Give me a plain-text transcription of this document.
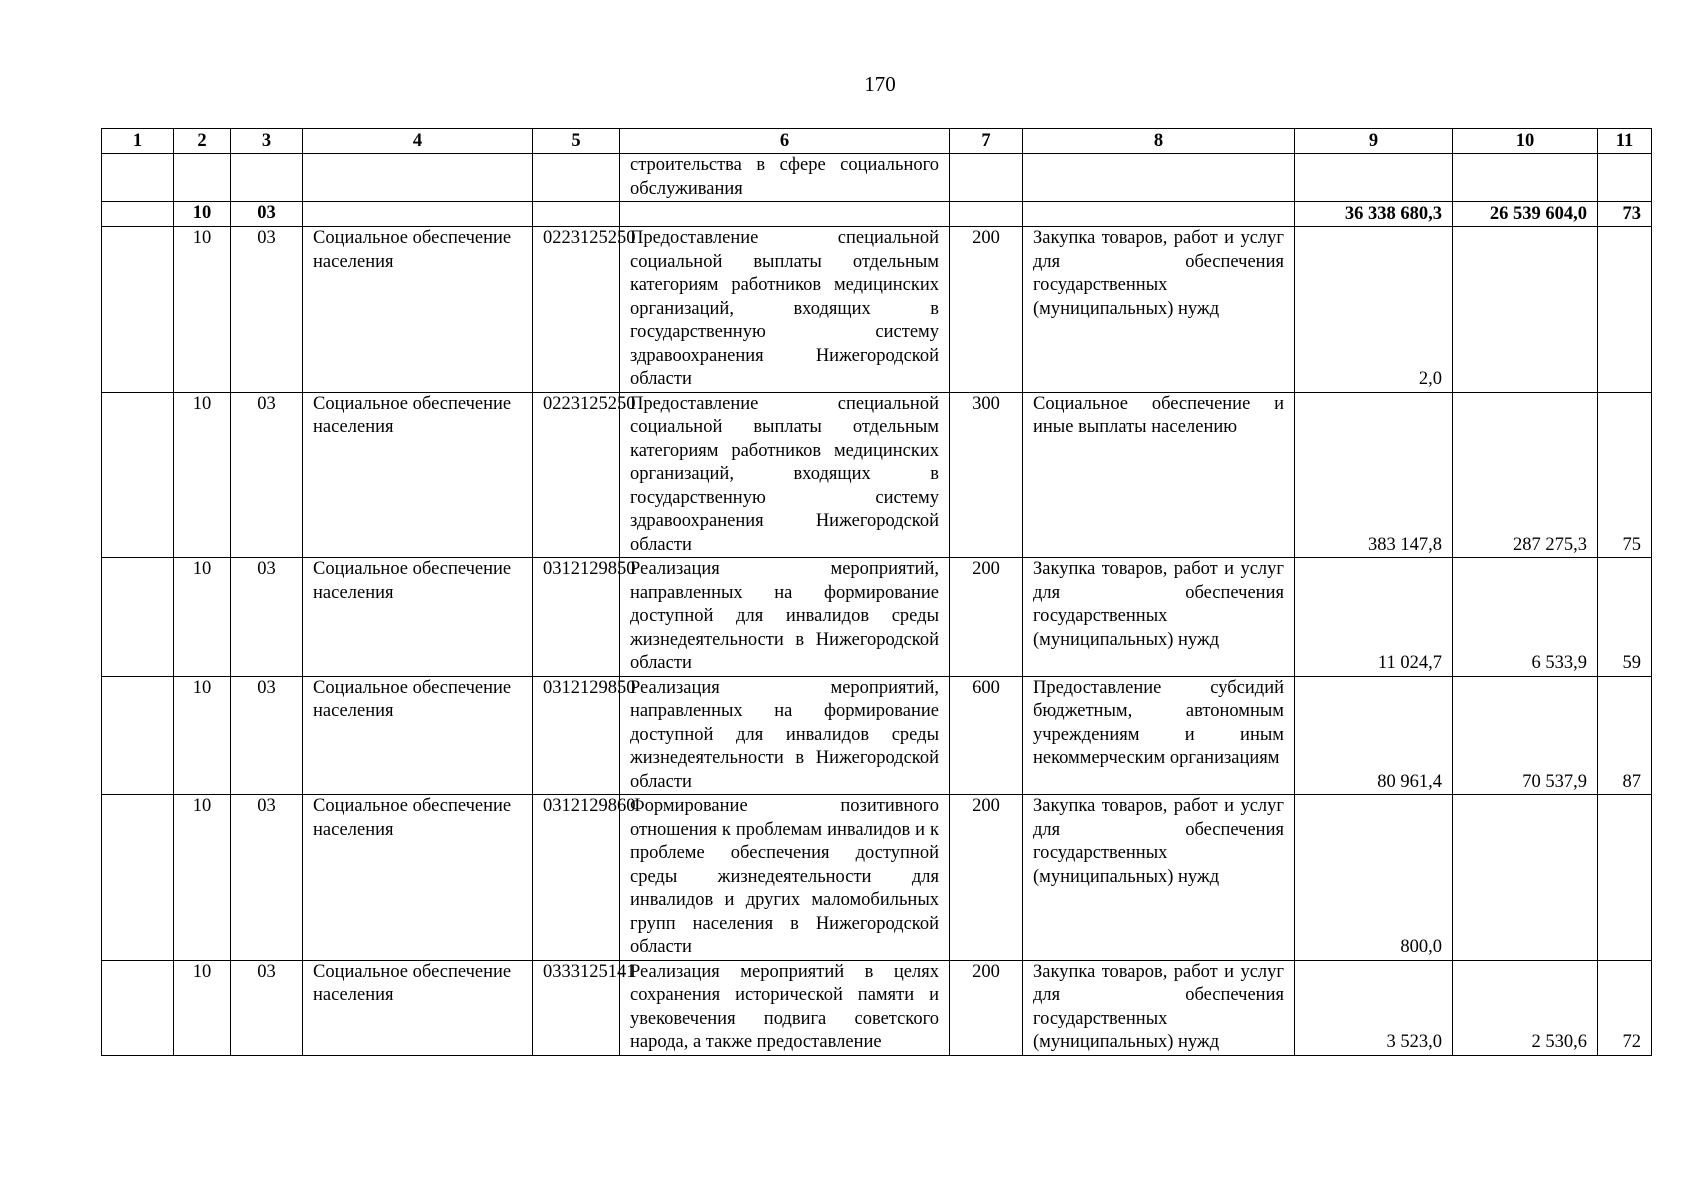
170
1	2	3	4	5	6	7	8	9	10	11
					строительства в сфере социального обслуживания					
	10	03						36 338 680,3	26 539 604,0	73
	10	03	Социальное обеспечение населения	0223125250	Предоставление специальной социальной выплаты отдельным категориям работников медицинских организаций, входящих в государственную систему здравоохранения Нижегородской области	200	Закупка товаров, работ и услуг для обеспечения государственных (муниципальных) нужд	2,0		
	10	03	Социальное обеспечение населения	0223125250	Предоставление специальной социальной выплаты отдельным категориям работников медицинских организаций, входящих в государственную систему здравоохранения Нижегородской области	300	Социальное обеспечение и иные выплаты населению	383 147,8	287 275,3	75
	10	03	Социальное обеспечение населения	0312129850	Реализация мероприятий, направленных на формирование доступной для инвалидов среды жизнедеятельности в Нижегородской области	200	Закупка товаров, работ и услуг для обеспечения государственных (муниципальных) нужд	11 024,7	6 533,9	59
	10	03	Социальное обеспечение населения	0312129850	Реализация мероприятий, направленных на формирование доступной для инвалидов среды жизнедеятельности в Нижегородской области	600	Предоставление субсидий бюджетным, автономным учреждениям и иным некоммерческим организациям	80 961,4	70 537,9	87
	10	03	Социальное обеспечение населения	0312129860	Формирование позитивного отношения к проблемам инвалидов и к проблеме обеспечения доступной среды жизнедеятельности для инвалидов и других маломобильных групп населения в Нижегородской области	200	Закупка товаров, работ и услуг для обеспечения государственных (муниципальных) нужд	800,0		
	10	03	Социальное обеспечение населения	0333125141	Реализация мероприятий в целях сохранения исторической памяти и увековечения подвига советского народа, а также предоставление	200	Закупка товаров, работ и услуг для обеспечения государственных (муниципальных) нужд	3 523,0	2 530,6	72
